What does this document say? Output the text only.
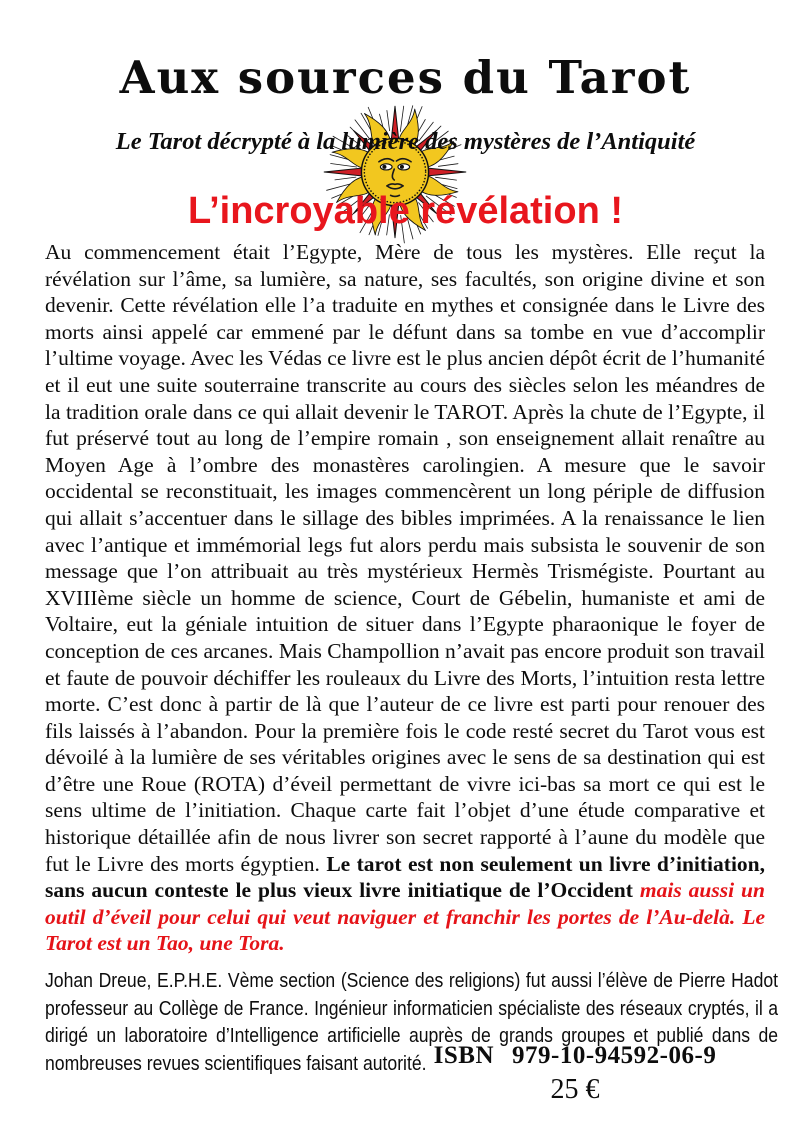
Aux sources du Tarot
Le Tarot décrypté à la lumière des mystères de l’Antiquité
L’incroyable révélation !

Au commencement était l’Egypte, Mère de tous les mystères. Elle reçut la révélation sur l’âme, sa lumière, sa nature, ses facultés, son origine divine et son devenir. Cette révélation elle l’a traduite en mythes et consignée dans le Livre des morts ainsi appelé car emmené par le défunt dans sa tombe en vue d’accomplir l’ultime voyage. Avec les Védas ce livre est le plus ancien dépôt écrit de l’humanité et il eut une suite souterraine transcrite au cours des siècles selon les méandres de la tradition orale dans ce qui allait devenir le TAROT. Après la chute de l’Egypte, il fut préservé tout au long de l’empire romain , son enseignement allait renaître au Moyen Age à l’ombre des monastères carolingien. A mesure que le savoir occidental se reconstituait, les images commencèrent un long périple de diffusion qui allait s’accentuer dans le sillage des bibles imprimées. A la renaissance le lien avec l’antique et immémorial legs fut alors perdu mais subsista le souvenir de son message que l’on attribuait au très mystérieux Hermès Trismégiste. Pourtant au XVIIIème siècle un homme de science, Court de Gébelin, humaniste et ami de Voltaire, eut la géniale intuition de situer dans l’Egypte pharaonique le foyer de conception de ces arcanes. Mais Champollion n’avait pas encore produit son travail et faute de pouvoir déchiffer les rouleaux du Livre des Morts, l’intuition resta lettre morte. C’est donc à partir de là que l’auteur de ce livre est parti pour renouer des fils laissés à l’abandon. Pour la première fois le code resté secret du Tarot vous est dévoilé à la lumière de ses véritables origines avec le sens de sa destination qui est d’être une Roue (ROTA) d’éveil permettant de vivre ici-bas sa mort ce qui est le sens ultime de l’initiation. Chaque carte fait l’objet d’une étude comparative et historique détaillée afin de nous livrer son secret rapporté à l’aune du modèle que fut le Livre des morts égyptien. Le tarot est non seulement un livre d’initiation, sans aucun conteste le plus vieux livre initiatique de l’Occident mais aussi un outil d’éveil pour celui qui veut naviguer et franchir les portes de l’Au-delà. Le Tarot est un Tao, une Tora.

Johan Dreue, E.P.H.E. Vème section (Science des religions) fut aussi l’élève de Pierre Hadot professeur au Collège de France. Ingénieur informaticien spécialiste des réseaux cryptés, il a dirigé un laboratoire d’Intelligence artificielle auprès de grands groupes et publié dans de nombreuses revues scientifiques faisant autorité. ISBN 979-10-94592-06-9
25 €
